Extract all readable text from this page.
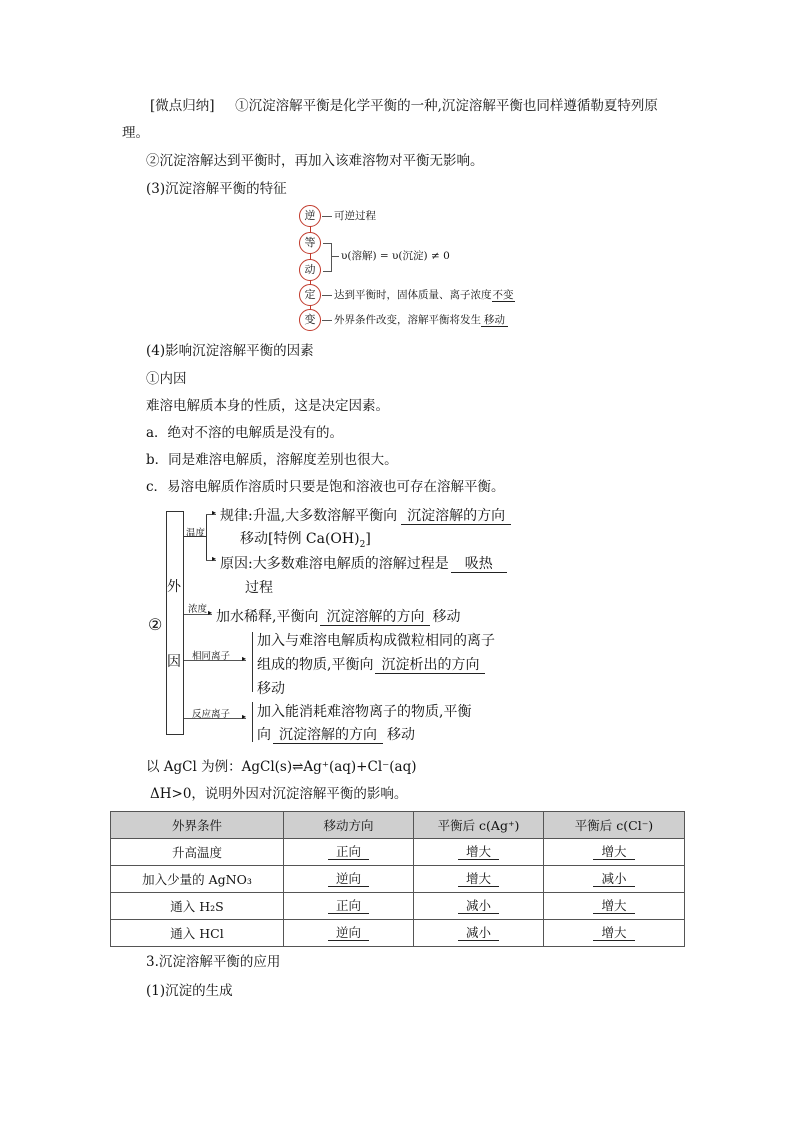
[微点归纳] ①沉淀溶解平衡是化学平衡的一种,沉淀溶解平衡也同样遵循勒夏特列原
理。
②沉淀溶解达到平衡时，再加入该难溶物对平衡无影响。
(3)沉淀溶解平衡的特征
逆
等
动
定
变
可逆过程
υ(溶解) = υ(沉淀) ≠ 0
达到平衡时，固体质量、离子浓度不变
外界条件改变，溶解平衡将发生 移动
(4)影响沉淀溶解平衡的因素
①内因
难溶电解质本身的性质，这是决定因素。
a．绝对不溶的电解质是没有的。
b．同是难溶电解质，溶解度差别也很大。
c．易溶电解质作溶质时只要是饱和溶液也可存在溶解平衡。
②
外
因
温度
▸
▸
规律:升温,大多数溶解平衡向 沉淀溶解的方向
移动[特例 $Ca(OH)_2$]
原因:大多数难溶电解质的溶解过程是 吸热
过程
浓度 ▸ 加水稀释,平衡向 沉淀溶解的方向 移动
相同离子 ▸
加入与难溶电解质构成微粒相同的离子
组成的物质,平衡向 沉淀析出的方向
移动
反应离子 ▸ 加入能消耗难溶物离子的物质,平衡
向 沉淀溶解的方向 移动
以 AgCl 为例：AgCl(s)⇌Ag⁺(aq)+Cl⁻(aq)
ΔH>0，说明外因对沉淀溶解平衡的影响。
外界条件	移动方向	平衡后 c(Ag⁺)	平衡后 c(Cl⁻)
升高温度	正向	增大	增大
加入少量的 AgNO₃	逆向	增大	减小
通入 H₂S	正向	减小	增大
通入 HCl	逆向	减小	增大
3.沉淀溶解平衡的应用
(1)沉淀的生成
